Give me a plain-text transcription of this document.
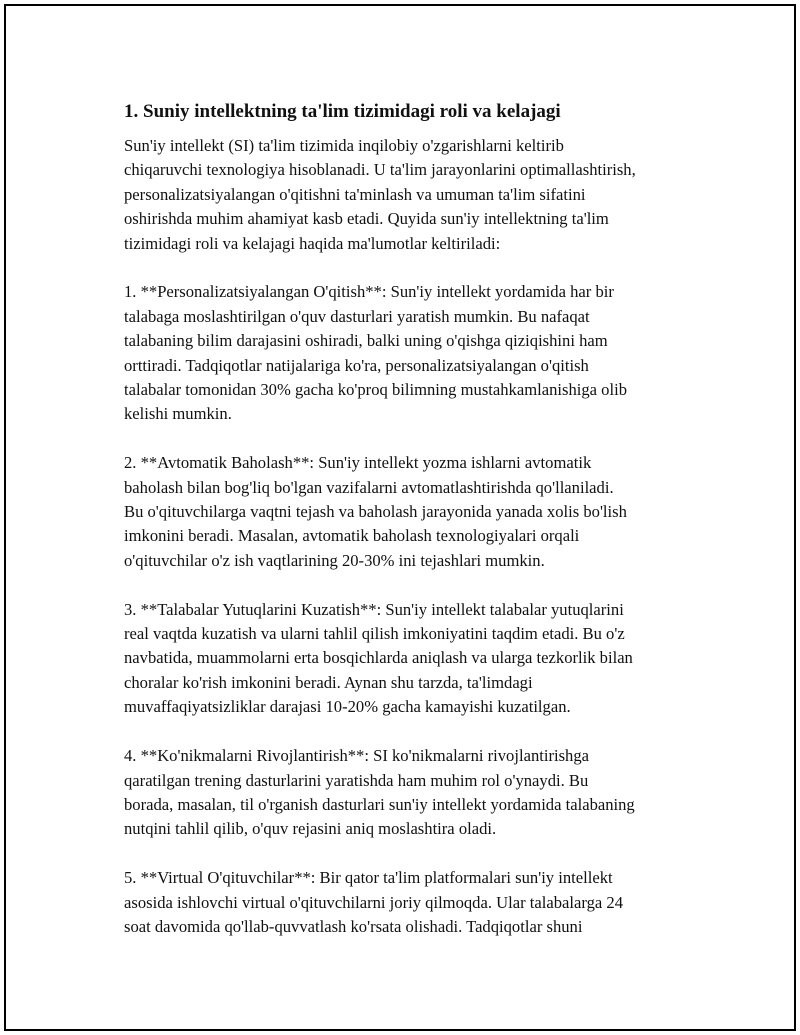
1. Suniy intellektning ta'lim tizimidagi roli va kelajagi
Sun'iy intellekt (SI) ta'lim tizimida inqilobiy o'zgarishlarni keltirib
chiqaruvchi texnologiya hisoblanadi. U ta'lim jarayonlarini optimallashtirish,
personalizatsiyalangan o'qitishni ta'minlash va umuman ta'lim sifatini
oshirishda muhim ahamiyat kasb etadi. Quyida sun'iy intellektning ta'lim
tizimidagi roli va kelajagi haqida ma'lumotlar keltiriladi:
1. **Personalizatsiyalangan O'qitish**: Sun'iy intellekt yordamida har bir
talabaga moslashtirilgan o'quv dasturlari yaratish mumkin. Bu nafaqat
talabaning bilim darajasini oshiradi, balki uning o'qishga qiziqishini ham
orttiradi. Tadqiqotlar natijalariga ko'ra, personalizatsiyalangan o'qitish
talabalar tomonidan 30% gacha ko'proq bilimning mustahkamlanishiga olib
kelishi mumkin.
2. **Avtomatik Baholash**: Sun'iy intellekt yozma ishlarni avtomatik
baholash bilan bog'liq bo'lgan vazifalarni avtomatlashtirishda qo'llaniladi.
Bu o'qituvchilarga vaqtni tejash va baholash jarayonida yanada xolis bo'lish
imkonini beradi. Masalan, avtomatik baholash texnologiyalari orqali
o'qituvchilar o'z ish vaqtlarining 20-30% ini tejashlari mumkin.
3. **Talabalar Yutuqlarini Kuzatish**: Sun'iy intellekt talabalar yutuqlarini
real vaqtda kuzatish va ularni tahlil qilish imkoniyatini taqdim etadi. Bu o'z
navbatida, muammolarni erta bosqichlarda aniqlash va ularga tezkorlik bilan
choralar ko'rish imkonini beradi. Aynan shu tarzda, ta'limdagi
muvaffaqiyatsizliklar darajasi 10-20% gacha kamayishi kuzatilgan.
4. **Ko'nikmalarni Rivojlantirish**: SI ko'nikmalarni rivojlantirishga
qaratilgan trening dasturlarini yaratishda ham muhim rol o'ynaydi. Bu
borada, masalan, til o'rganish dasturlari sun'iy intellekt yordamida talabaning
nutqini tahlil qilib, o'quv rejasini aniq moslashtira oladi.
5. **Virtual O'qituvchilar**: Bir qator ta'lim platformalari sun'iy intellekt
asosida ishlovchi virtual o'qituvchilarni joriy qilmoqda. Ular talabalarga 24
soat davomida qo'llab-quvvatlash ko'rsata olishadi. Tadqiqotlar shuni
